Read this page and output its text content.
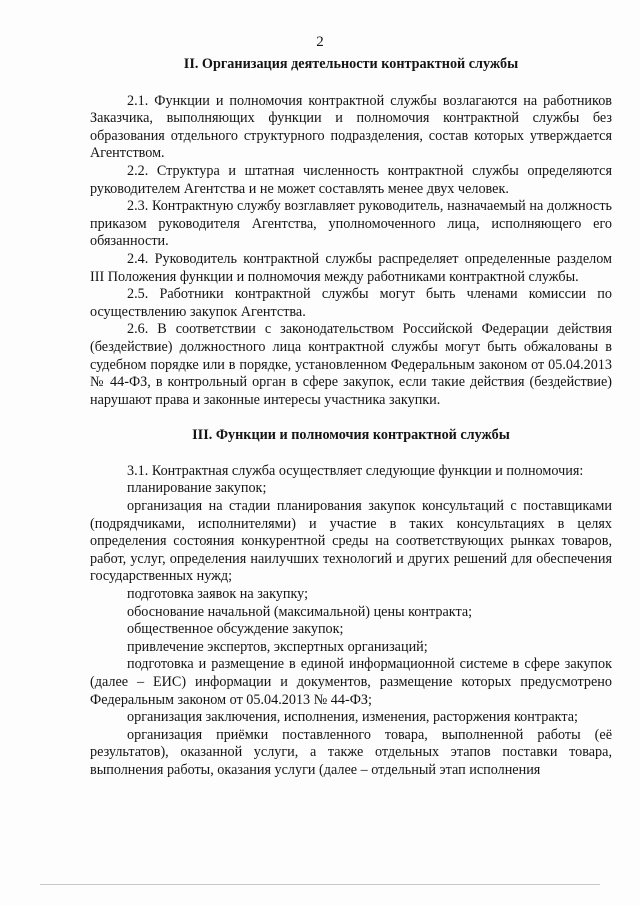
2

II. Организация деятельности контрактной службы

2.1. Функции и полномочия контрактной службы возлагаются на работников Заказчика, выполняющих функции и полномочия контрактной службы без образования отдельного структурного подразделения, состав которых утверждается Агентством.

2.2. Структура и штатная численность контрактной службы определяются руководителем Агентства и не может составлять менее двух человек.

2.3. Контрактную службу возглавляет руководитель, назначаемый на должность приказом руководителя Агентства, уполномоченного лица, исполняющего его обязанности.

2.4. Руководитель контрактной службы распределяет определенные разделом III Положения функции и полномочия между работниками контрактной службы.

2.5. Работники контрактной службы могут быть членами комиссии по осуществлению закупок Агентства.

2.6. В соответствии с законодательством Российской Федерации действия (бездействие) должностного лица контрактной службы могут быть обжалованы в судебном порядке или в порядке, установленном Федеральным законом от 05.04.2013 № 44-ФЗ, в контрольный орган в сфере закупок, если такие действия (бездействие) нарушают права и законные интересы участника закупки.

III. Функции и полномочия контрактной службы

3.1. Контрактная служба осуществляет следующие функции и полномочия:

планирование закупок;

организация на стадии планирования закупок консультаций с поставщиками (подрядчиками, исполнителями) и участие в таких консультациях в целях определения состояния конкурентной среды на соответствующих рынках товаров, работ, услуг, определения наилучших технологий и других решений для обеспечения государственных нужд;

подготовка заявок на закупку;

обоснование начальной (максимальной) цены контракта;

общественное обсуждение закупок;

привлечение экспертов, экспертных организаций;

подготовка и размещение в единой информационной системе в сфере закупок (далее – ЕИС) информации и документов, размещение которых предусмотрено Федеральным законом от 05.04.2013 № 44-ФЗ;

организация заключения, исполнения, изменения, расторжения контракта;

организация приёмки поставленного товара, выполненной работы (её результатов), оказанной услуги, а также отдельных этапов поставки товара, выполнения работы, оказания услуги (далее – отдельный этап исполнения
